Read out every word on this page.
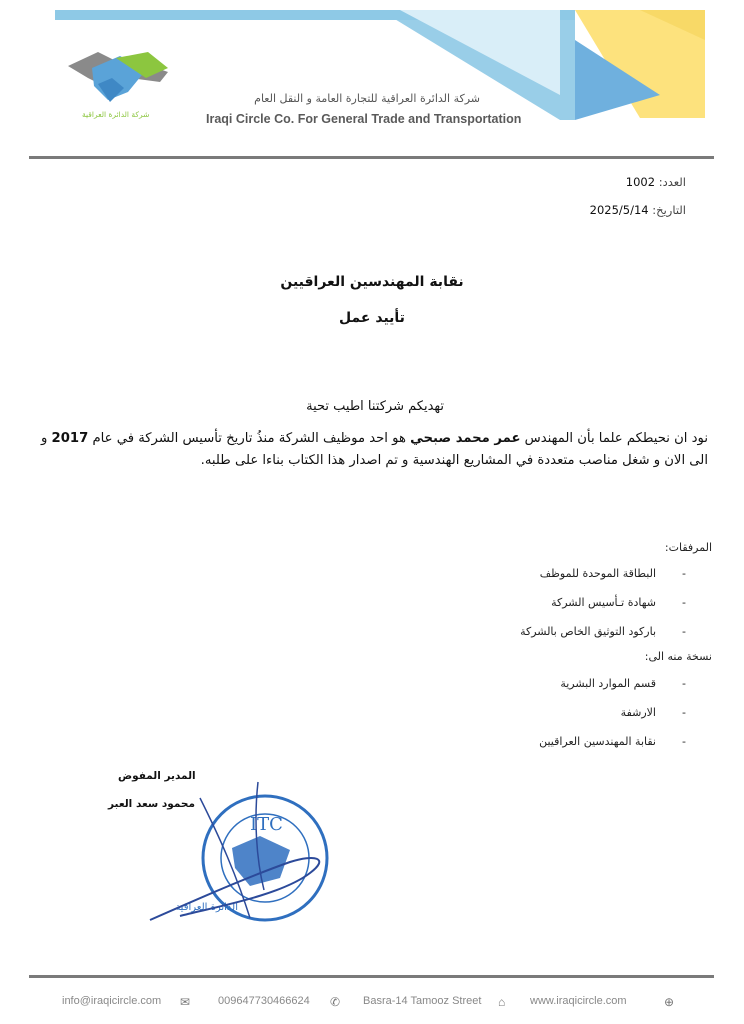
شركة الدائرة العراقية للتجارة العامة و النقل العام
Iraqi Circle Co. For General Trade and Transportation
شركة الدائرة العراقية
العدد: 1002
التاريخ: 2025/5/14
نقابة المهندسين العراقيين
تأييد عمل
تهديكم شركتنا اطيب تحية
نود ان نحيطكم علما بأن المهندس عمر محمد صبحي هو احد موظيف الشركة منذُ تاريخ تأسيس الشركة في عام 2017 و
الى الان و شغل مناصب متعددة في المشاريع الهندسية و تم اصدار هذا الكتاب بناءا على طلبه.
المرفقات:
-البطاقة الموحدة للموظف
-شهادة تـأسيس الشركة
-باركود التوثيق الخاص بالشركة
نسخة منه الى:
-قسم الموارد البشرية
-الارشفة
-نقابة المهندسين العراقيين
المدير المفوض
محمود سعد العبر
ITC
الدائرة العراقية
info@iraqicircle.com ✉	009647730466624 ✆ Basra-14 Tamooz Street ⌂ www.iraqicircle.com	⊕
